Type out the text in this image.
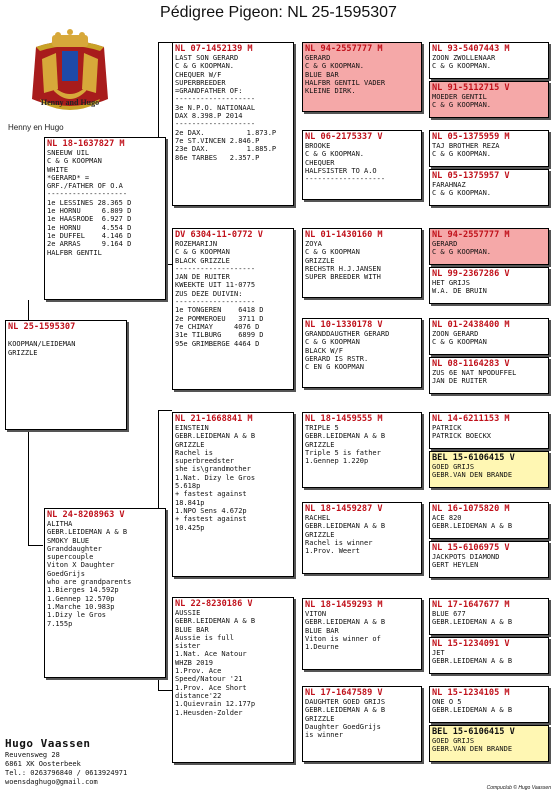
Pédigree Pigeon: NL 25-1595307
Henny and Hugo
Henny en Hugo
NL 25-1595307
KOOPMAN/LEIDEMAN
GRIZZLE
NL 18-1637827 M
SNEEUW UIL
C & G KOOPMAN
WHITE
*GERARD* =
GRF./FATHER OF O.A
-------------------
1e LESSINES 28.365 D
1e HORNU     6.809 D
1e HAASRODE  6.927 D
1e HORNU     4.554 D
1e DUFFEL    4.146 D
2e ARRAS     9.164 D
HALFBR GENTIL
NL 24-8208963 V
ALITHA
GEBR.LEIDEMAN A & B
SMOKY BLUE
Granddaughter
supercouple
Viton X Daughter
GoedGrijs
who are grandparents
1.Bierges 14.592p
1.Gennep 12.570p
1.Marche 10.983p
1.Dizy le Gros
7.155p
NL 07-1452139 M
LAST SON GERARD
C & G KOOPMAN.
CHEQUER W/F
SUPERBREEDER
=GRANDFATHER OF:
-------------------
3e N.P.O. NATIONAAL
DAX 8.398.P 2014
-------------------
2e DAX.          1.873.P
7e ST.VINCEN 2.846.P
23e DAX.         1.885.P
86e TARBES   2.357.P
DV 6304-11-0772 V
ROZEMARIJN
C & G KOOPMAN
BLACK GRIZZLE
-------------------
JAN DE RUITER
KWEEKTE UIT 11-0775
ZUS DEZE DUIVIN:
-------------------
1e TONGEREN    6418 D
2e POMMEROEU   3711 D
7e CHIMAY     4076 D
31e TILBURG    6899 D
95e GRIMBERGE 4464 D
NL 21-1668841 M
EINSTEIN
GEBR.LEIDEMAN A & B
GRIZZLE
Rachel is
superbreedster
she is\grandmother
1.Nat. Dizy le Gros
5.618p
+ fastest against
18.841p
1.NPO Sens 4.672p
+ fastest against
10.425p
NL 22-8230186 V
AUSSIE
GEBR.LEIDEMAN A & B
BLUE BAR
Aussie is full
sister
1.Nat. Ace Natour
WHZB 2019
1.Prov. Ace
Speed/Natour '21
1.Prov. Ace Short
distance'22
1.Quievrain 12.177p
1.Heusden-Zolder
NL 94-2557777 M
GERARD
C & G KOOPMAN.
BLUE BAR
HALFBR GENTIL VADER
KLEINE DIRK.
NL 06-2175337 V
BROOKE
C & G KOOPMAN.
CHEQUER
HALFSISTER TO A.O
-------------------
NL 01-1430160 M
ZOYA
C & G KOOPMAN
GRIZZLE
RECHSTR H.J.JANSEN
SUPER BREEDER WITH
NL 10-1330178 V
GRANDDAUGTHER GERARD
C & G KOOPMAN
BLACK W/F
GERARD IS RSTR.
C EN G KOOPMAN
NL 18-1459555 M
TRIPLE 5
GEBR.LEIDEMAN A & B
GRIZZLE
Triple 5 is father
1.Gennep 1.220p
NL 18-1459287 V
RACHEL
GEBR.LEIDEMAN A & B
GRIZZLE
Rachel is winner
1.Prov. Weert
NL 18-1459293 M
VITON
GEBR.LEIDEMAN A & B
BLUE BAR
Viton is winner of
1.Deurne
NL 17-1647589 V
DAUGHTER GOED GRIJS
GEBR.LEIDEMAN A & B
GRIZZLE
Daughter GoedGrijs
is winner
NL 93-5407443 M
ZOON ZWOLLENAAR
C & G KOOPMAN.
NL 91-5112715 V
MOEDER GENTIL
C & G KOOPMAN.
NL 05-1375959 M
TAJ BROTHER REZA
C & G KOOPMAN.
NL 05-1375957 V
FARAHNAZ
C & G KOOPMAN.
NL 94-2557777 M
GERARD
C & G KOOPMAN.
NL 99-2367286 V
HET GRIJS
W.A. DE BRUIN
NL 01-2438400 M
ZOON GERARD
C & G KOOPMAN
NL 08-1164283 V
ZUS 6E NAT NPODUFFEL
JAN DE RUITER
NL 14-6211153 M
PATRICK
PATRICK BOECKX
BEL 15-6106415 V
GOED GRIJS
GEBR.VAN DEN BRANDE
NL 16-1075820 M
ACE 820
GEBR.LEIDEMAN A & B
NL 15-6106975 V
JACKPOTS DIAMOND
GERT HEYLEN
NL 17-1647677 M
BLUE 677
GEBR.LEIDEMAN A & B
NL 15-1234091 V
JET
GEBR.LEIDEMAN A & B
NL 15-1234105 M
ONE O 5
GEBR.LEIDEMAN A & B
BEL 15-6106415 V
GOED GRIJS
GEBR.VAN DEN BRANDE
Hugo Vaassen
Reuvensweg 28
6861 XK Oosterbeek
Tel.: 0263796840 / 0613924971
woensdaghugo@gmail.com
Compuclub © Hugo Vaassen
